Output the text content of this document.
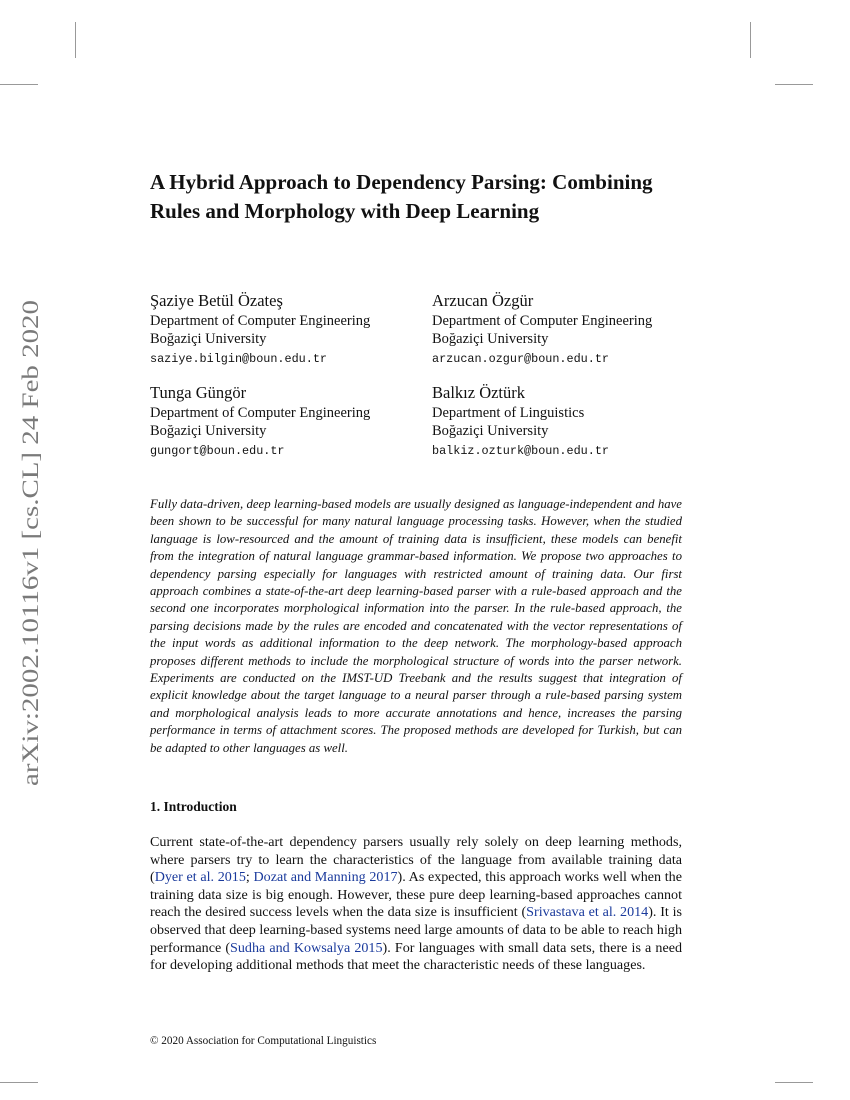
arXiv:2002.10116v1 [cs.CL] 24 Feb 2020
A Hybrid Approach to Dependency Parsing: Combining Rules and Morphology with Deep Learning
Şaziye Betül Özateş
Department of Computer Engineering
Boğaziçi University
saziye.bilgin@boun.edu.tr
Arzucan Özgür
Department of Computer Engineering
Boğaziçi University
arzucan.ozgur@boun.edu.tr
Tunga Güngör
Department of Computer Engineering
Boğaziçi University
gungort@boun.edu.tr
Balkız Öztürk
Department of Linguistics
Boğaziçi University
balkiz.ozturk@boun.edu.tr

Fully data-driven, deep learning-based models are usually designed as language-independent and have been shown to be successful for many natural language processing tasks. However, when the studied language is low-resourced and the amount of training data is insufficient, these models can benefit from the integration of natural language grammar-based information. We propose two approaches to dependency parsing especially for languages with restricted amount of training data. Our first approach combines a state-of-the-art deep learning-based parser with a rule-based approach and the second one incorporates morphological information into the parser. In the rule-based approach, the parsing decisions made by the rules are encoded and concatenated with the vector representations of the input words as additional information to the deep network. The morphology-based approach proposes different methods to include the morphological structure of words into the parser network. Experiments are conducted on the IMST-UD Treebank and the results suggest that integration of explicit knowledge about the target language to a neural parser through a rule-based parsing system and morphological analysis leads to more accurate annotations and hence, increases the parsing performance in terms of attachment scores. The proposed methods are developed for Turkish, but can be adapted to other languages as well.

1. Introduction

Current state-of-the-art dependency parsers usually rely solely on deep learning methods, where parsers try to learn the characteristics of the language from available training data (Dyer et al. 2015; Dozat and Manning 2017). As expected, this approach works well when the training data size is big enough. However, these pure deep learning-based approaches cannot reach the desired success levels when the data size is insufficient (Srivastava et al. 2014). It is observed that deep learning-based systems need large amounts of data to be able to reach high performance (Sudha and Kowsalya 2015). For languages with small data sets, there is a need for developing additional methods that meet the characteristic needs of these languages.

© 2020 Association for Computational Linguistics
